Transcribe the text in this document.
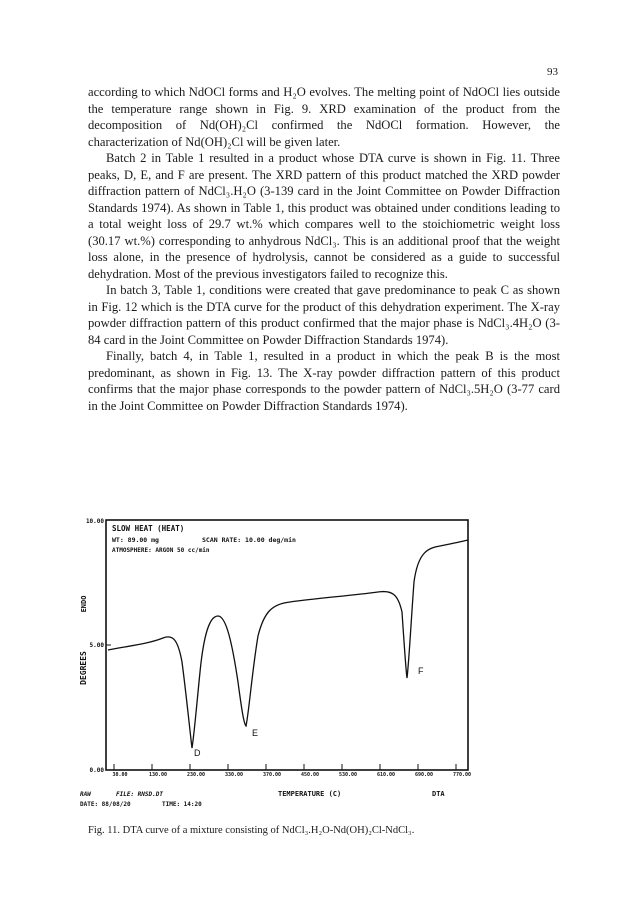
93

according to which NdOCl forms and H₂O evolves. The melting point of NdOCl lies outside the temperature range shown in Fig. 9. XRD examination of the product from the decomposition of Nd(OH)₂Cl confirmed the NdOCl formation. However, the characterization of Nd(OH)₂Cl will be given later.

Batch 2 in Table 1 resulted in a product whose DTA curve is shown in Fig. 11. Three peaks, D, E, and F are present. The XRD pattern of this product matched the XRD powder diffraction pattern of NdCl₃.H₂O (3-139 card in the Joint Committee on Powder Diffraction Standards 1974). As shown in Table 1, this product was obtained under conditions leading to a total weight loss of 29.7 wt.% which compares well to the stoichiometric weight loss (30.17 wt.%) corresponding to anhydrous NdCl₃. This is an additional proof that the weight loss alone, in the presence of hydrolysis, cannot be considered as a guide to successful dehydration. Most of the previous investigators failed to recognize this.

In batch 3, Table 1, conditions were created that gave predominance to peak C as shown in Fig. 12 which is the DTA curve for the product of this dehydration experiment. The X-ray powder diffraction pattern of this product confirmed that the major phase is NdCl₃.4H₂O (3-84 card in the Joint Committee on Powder Diffraction Standards 1974).

Finally, batch 4, in Table 1, resulted in a product in which the peak B is the most predominant, as shown in Fig. 13. The X-ray powder diffraction pattern of this product confirms that the major phase corresponds to the powder pattern of NdCl₃.5H₂O (3-77 card in the Joint Committee on Powder Diffraction Standards 1974).

SLOW HEAT (HEAT)
WT: 89.00 mg	SCAN RATE: 10.00 deg/min
ATMOSPHERE: ARGON 50 cc/min
10.00
5.00
0.00
ENDO
DEGREES
30.00	130.00	230.00	330.00	370.00	450.00	530.00	610.00	690.00	770.00
D
E
F
RAW	FILE: RNSD.DT
DATE: 88/08/20	TIME: 14:20
TEMPERATURE (C)	DTA

Fig. 11. DTA curve of a mixture consisting of NdCl₃.H₂O-Nd(OH)₂Cl-NdCl₃.
